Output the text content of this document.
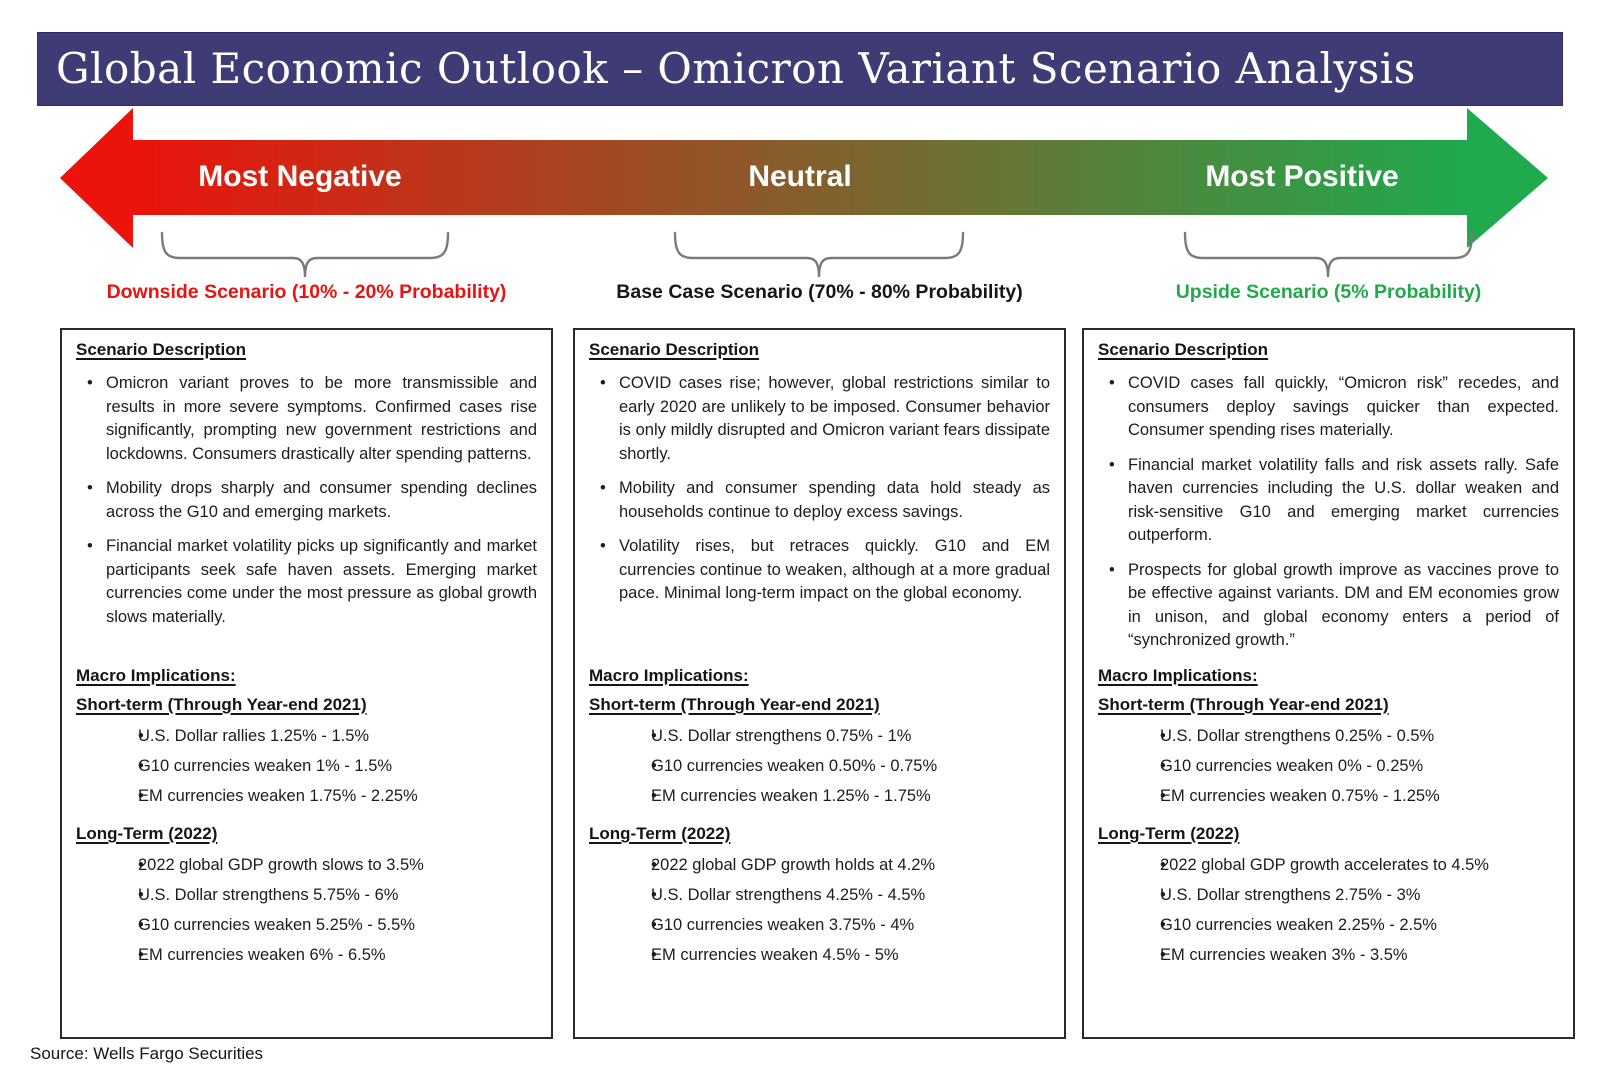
Global Economic Outlook – Omicron Variant Scenario Analysis
Most Negative	Neutral	Most Positive
Downside Scenario (10% - 20% Probability)	Base Case Scenario (70% - 80% Probability)	Upside Scenario (5% Probability)
Scenario Description
• Omicron variant proves to be more transmissible and results in more severe symptoms. Confirmed cases rise significantly, prompting new government restrictions and lockdowns. Consumers drastically alter spending patterns.
• Mobility drops sharply and consumer spending declines across the G10 and emerging markets.
• Financial market volatility picks up significantly and market participants seek safe haven assets. Emerging market currencies come under the most pressure as global growth slows materially.
Macro Implications:
Short-term (Through Year-end 2021)
• U.S. Dollar rallies 1.25% - 1.5%
• G10 currencies weaken 1% - 1.5%
• EM currencies weaken 1.75% - 2.25%
Long-Term (2022)
• 2022 global GDP growth slows to 3.5%
• U.S. Dollar strengthens 5.75% - 6%
• G10 currencies weaken 5.25% - 5.5%
• EM currencies weaken 6% - 6.5%
Scenario Description
• COVID cases rise; however, global restrictions similar to early 2020 are unlikely to be imposed. Consumer behavior is only mildly disrupted and Omicron variant fears dissipate shortly.
• Mobility and consumer spending data hold steady as households continue to deploy excess savings.
• Volatility rises, but retraces quickly. G10 and EM currencies continue to weaken, although at a more gradual pace. Minimal long-term impact on the global economy.
Macro Implications:
Short-term (Through Year-end 2021)
• U.S. Dollar strengthens 0.75% - 1%
• G10 currencies weaken 0.50% - 0.75%
• EM currencies weaken 1.25% - 1.75%
Long-Term (2022)
• 2022 global GDP growth holds at 4.2%
• U.S. Dollar strengthens 4.25% - 4.5%
• G10 currencies weaken 3.75% - 4%
• EM currencies weaken 4.5% - 5%
Scenario Description
• COVID cases fall quickly, “Omicron risk” recedes, and consumers deploy savings quicker than expected. Consumer spending rises materially.
• Financial market volatility falls and risk assets rally. Safe haven currencies including the U.S. dollar weaken and risk-sensitive G10 and emerging market currencies outperform.
• Prospects for global growth improve as vaccines prove to be effective against variants. DM and EM economies grow in unison, and global economy enters a period of “synchronized growth.”
Macro Implications:
Short-term (Through Year-end 2021)
• U.S. Dollar strengthens 0.25% - 0.5%
• G10 currencies weaken 0% - 0.25%
• EM currencies weaken 0.75% - 1.25%
Long-Term (2022)
• 2022 global GDP growth accelerates to 4.5%
• U.S. Dollar strengthens 2.75% - 3%
• G10 currencies weaken 2.25% - 2.5%
• EM currencies weaken 3% - 3.5%
Source: Wells Fargo Securities
